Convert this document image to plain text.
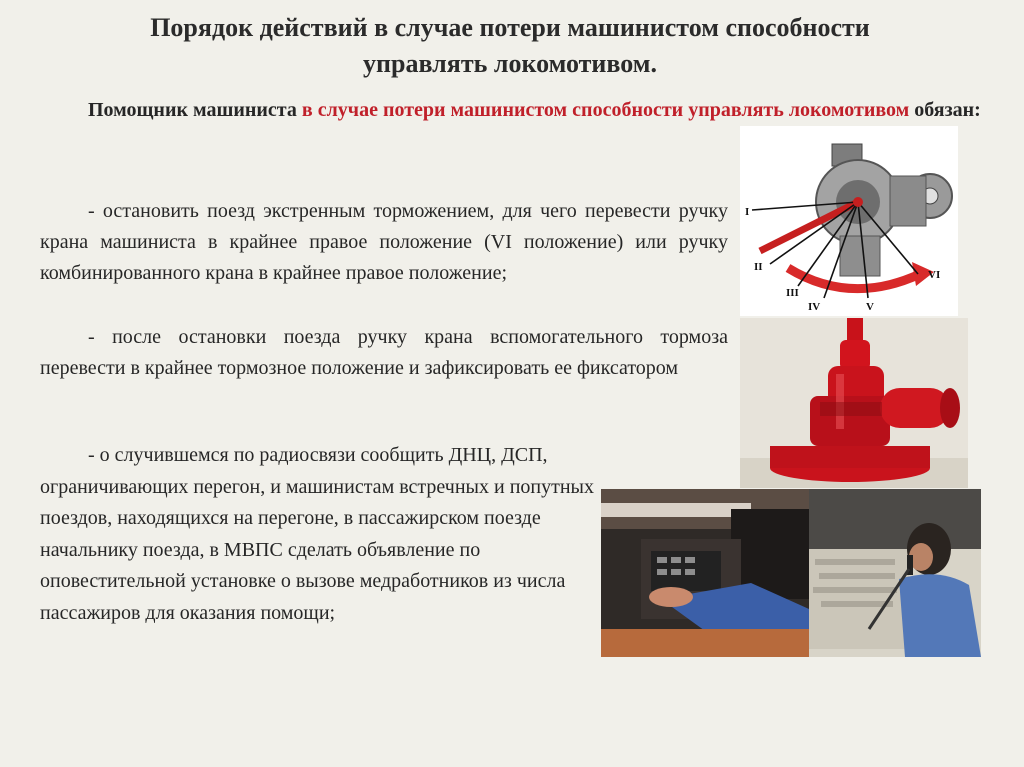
Порядок действий в случае потери машинистом способности
управлять локомотивом.
Помощник машиниста в случае потери машинистом способности управлять локомотивом обязан:
- остановить поезд экстренным торможением, для чего перевести ручку крана машиниста в крайнее правое положение (VI положение) или ручку комбинированного крана в крайнее правое положение;
- после остановки поезда ручку крана вспомогательного тормоза перевести в крайнее тормозное положение и зафиксировать ее фиксатором
- о случившемся по радиосвязи сообщить ДНЦ, ДСП, ограничивающих перегон, и машинистам встречных и попутных поездов, находящихся на перегоне, в пассажирском поезде начальнику поезда, в МВПС сделать объявление по оповестительной установке о вызове медработников из числа пассажиров для оказания помощи;
I
II
III
IV	V
VI
